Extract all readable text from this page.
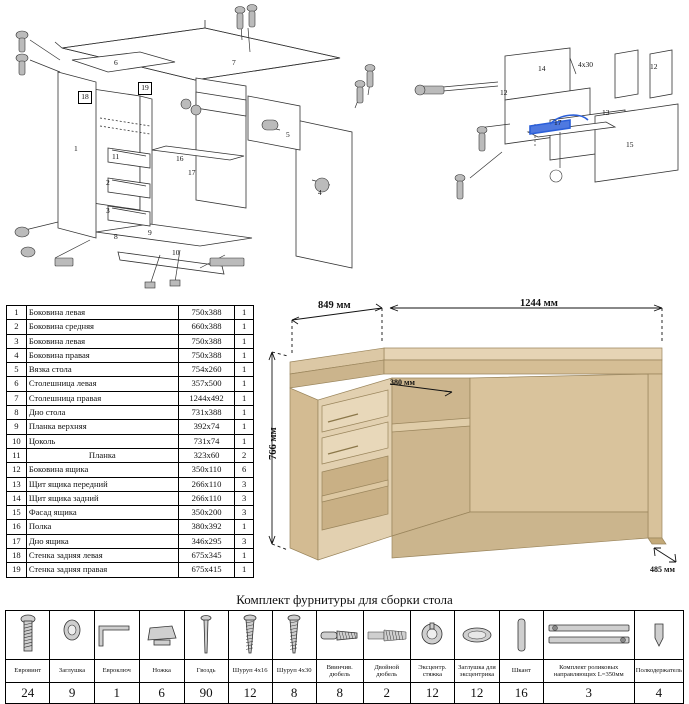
1
2
3
4
5
6	7
8	9
10
11	16
17
18
19
12
12
13
14
15
17
4x30
1	Боковина левая	750x388	1
2	Боковина средняя	660x388	1
3	Боковина левая	750x388	1
4	Боковина правая	750x388	1
5	Вязка стола	754x260	1
6	Столешница левая	357x500	1
7	Столешница правая	1244x492	1
8	Дно стола	731x388	1
9	Планка верхняя	392x74	1
10	Цоколь	731x74	1
11	Планка	323x60	2
12	Боковина ящика	350x110	6
13	Щит ящика передний	266х110	3
14	Щит ящика задний	266х110	3
15	Фасад ящика	350x200	3
16	Полка	380x392	1
17	Дно ящика	346x295	3
18	Стенка задняя левая	675x345	1
19	Стенка задняя правая	675x415	1
849 мм	1244 мм
766 мм
380 мм
485 мм
Комплект фурнитуры для сборки стола

Евровинт	Заглушка	Евроключ	Ножка	Гвоздь	Шуруп 4х16	Шуруп 4х30	Ввинчив. дюбель	Двойной дюбель	Эксцентр. стяжка	Заглушка для эксцентрика	Шкант	Комплект роликовых направляющих L=350мм	Полкодержатель
24	9	1	6	90	12	8	8	2	12	12	16	3	4
